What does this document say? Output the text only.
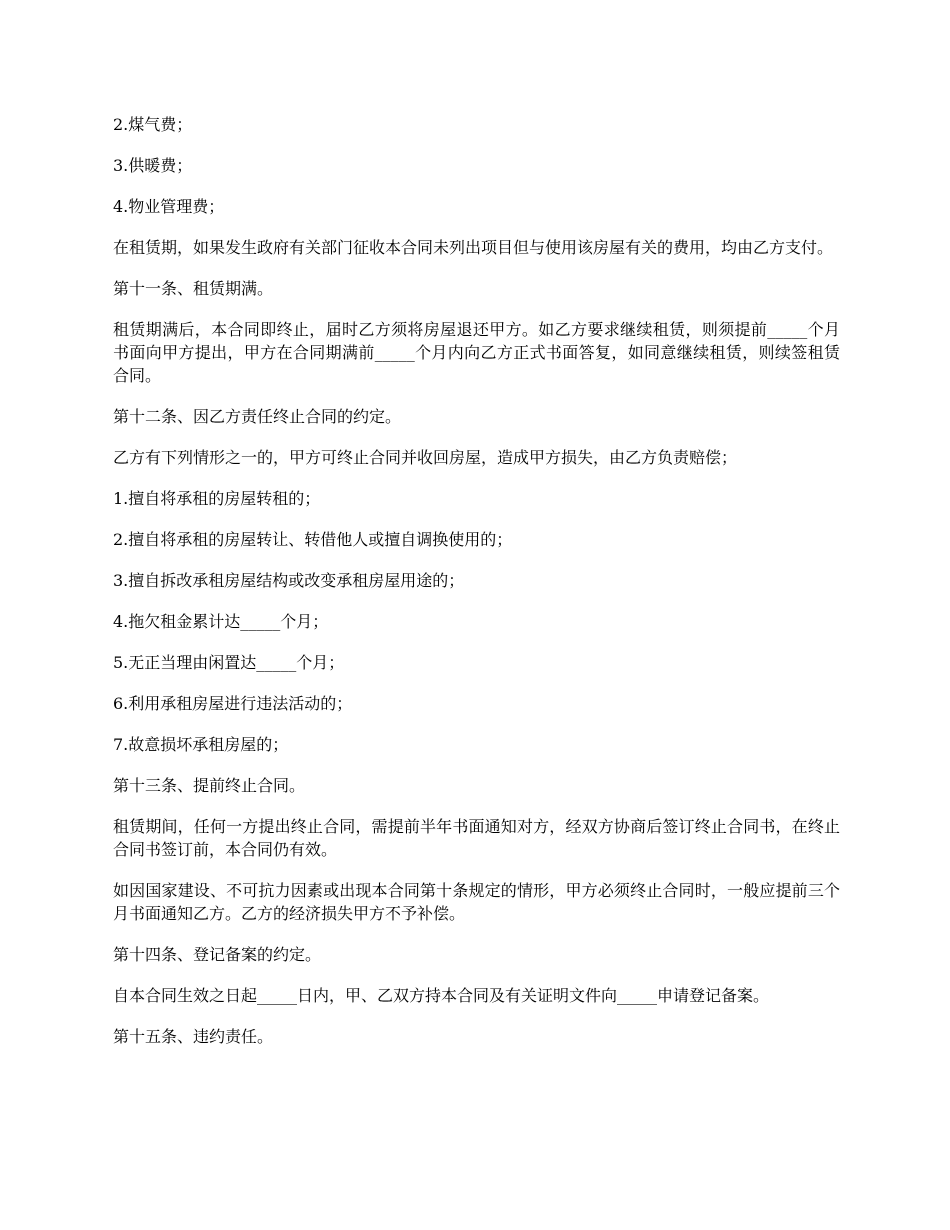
2.煤气费；

3.供暖费；

4.物业管理费；

在租赁期，如果发生政府有关部门征收本合同未列出项目但与使用该房屋有关的费用，均由乙方支付。

第十一条、租赁期满。

租赁期满后，本合同即终止，届时乙方须将房屋退还甲方。如乙方要求继续租赁，则须提前_____个月书面向甲方提出，甲方在合同期满前_____个月内向乙方正式书面答复，如同意继续租赁，则续签租赁合同。

第十二条、因乙方责任终止合同的约定。

乙方有下列情形之一的，甲方可终止合同并收回房屋，造成甲方损失，由乙方负责赔偿；

1.擅自将承租的房屋转租的；

2.擅自将承租的房屋转让、转借他人或擅自调换使用的；

3.擅自拆改承租房屋结构或改变承租房屋用途的；

4.拖欠租金累计达_____个月；

5.无正当理由闲置达_____个月；

6.利用承租房屋进行违法活动的；

7.故意损坏承租房屋的；

第十三条、提前终止合同。

租赁期间，任何一方提出终止合同，需提前半年书面通知对方，经双方协商后签订终止合同书，在终止合同书签订前，本合同仍有效。

如因国家建设、不可抗力因素或出现本合同第十条规定的情形，甲方必须终止合同时，一般应提前三个月书面通知乙方。乙方的经济损失甲方不予补偿。

第十四条、登记备案的约定。

自本合同生效之日起_____日内，甲、乙双方持本合同及有关证明文件向_____申请登记备案。

第十五条、违约责任。
